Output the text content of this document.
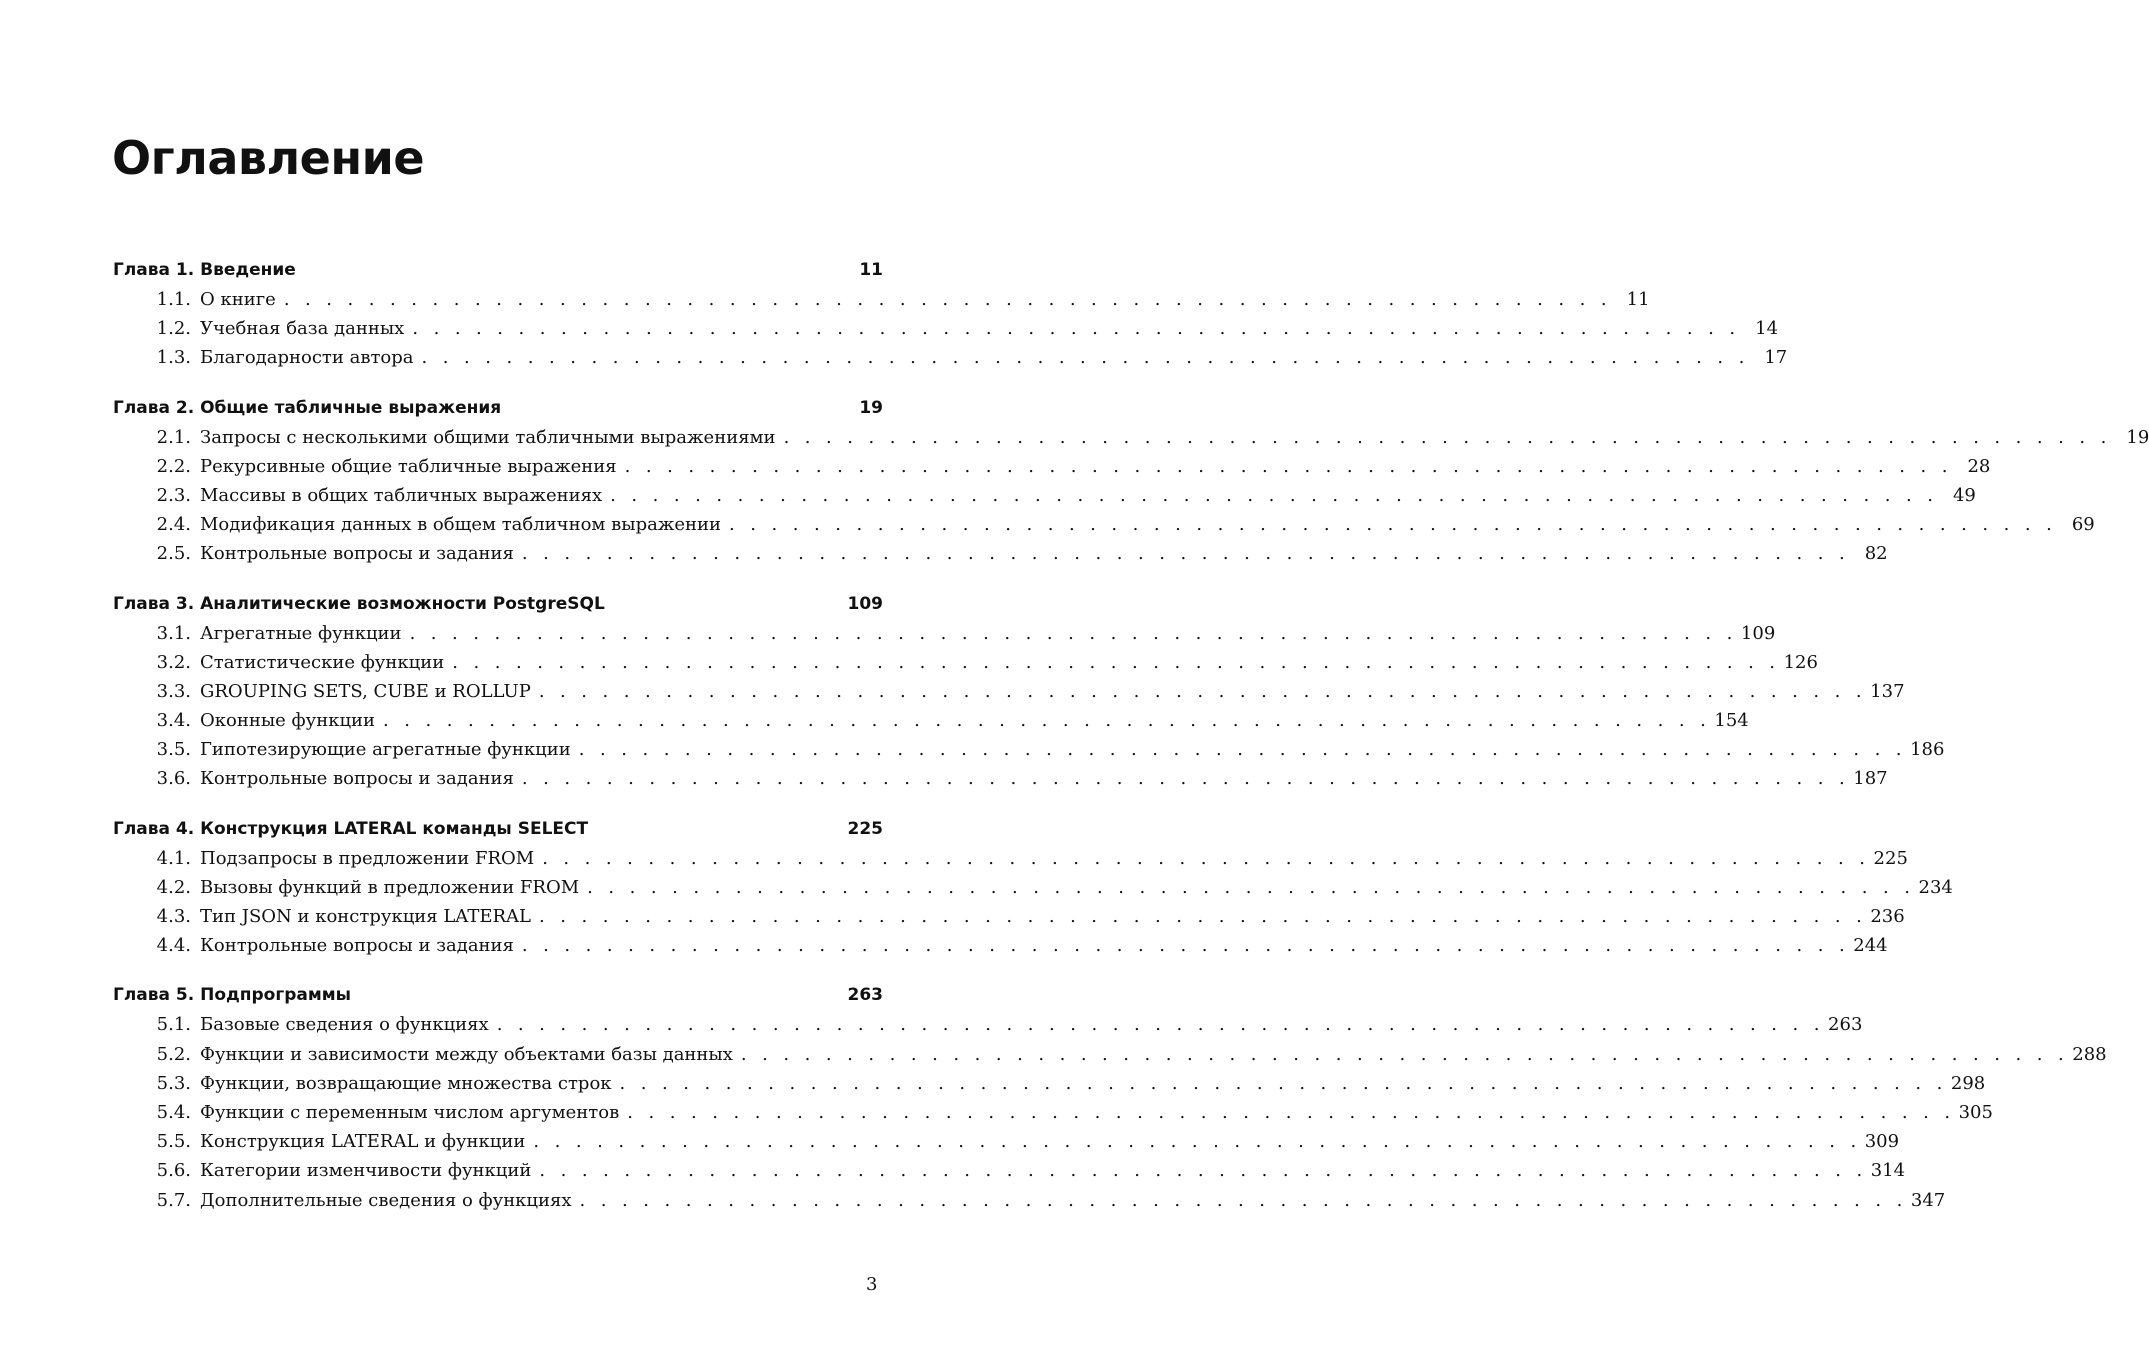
Оглавление
Глава 1. Введение	11
1.1. О книге . . . . . . . . . . . . . . . . . . . . . . . . . . . . . . . . . . . . . . . . . . . . . . . . . . . . . . . . . . . . . . . 11
1.2. Учебная база данных . . . . . . . . . . . . . . . . . . . . . . . . . . . . . . . . . . . . . . . . . . . . . . . . . . . . . . . . . . . . . . . 14
1.3. Благодарности автора . . . . . . . . . . . . . . . . . . . . . . . . . . . . . . . . . . . . . . . . . . . . . . . . . . . . . . . . . . . . . . . 17
Глава 2. Общие табличные выражения	19
2.1. Запросы с несколькими общими табличными выражениями . . . . . . . . . . . . . . . . . . . . . . . . . . . . . . . . . . . . . . . . . . . . . . . . . . . . . . . . . . . . . . . 19
2.2. Рекурсивные общие табличные выражения . . . . . . . . . . . . . . . . . . . . . . . . . . . . . . . . . . . . . . . . . . . . . . . . . . . . . . . . . . . . . . . 28
2.3. Массивы в общих табличных выражениях . . . . . . . . . . . . . . . . . . . . . . . . . . . . . . . . . . . . . . . . . . . . . . . . . . . . . . . . . . . . . . . 49
2.4. Модификация данных в общем табличном выражении . . . . . . . . . . . . . . . . . . . . . . . . . . . . . . . . . . . . . . . . . . . . . . . . . . . . . . . . . . . . . . . 69
2.5. Контрольные вопросы и задания . . . . . . . . . . . . . . . . . . . . . . . . . . . . . . . . . . . . . . . . . . . . . . . . . . . . . . . . . . . . . . . 82
Глава 3. Аналитические возможности PostgreSQL	109
3.1. Агрегатные функции . . . . . . . . . . . . . . . . . . . . . . . . . . . . . . . . . . . . . . . . . . . . . . . . . . . . . . . . . . . . . . . 109
3.2. Статистические функции . . . . . . . . . . . . . . . . . . . . . . . . . . . . . . . . . . . . . . . . . . . . . . . . . . . . . . . . . . . . . . . 126
3.3. GROUPING SETS, CUBE и ROLLUP . . . . . . . . . . . . . . . . . . . . . . . . . . . . . . . . . . . . . . . . . . . . . . . . . . . . . . . . . . . . . . . 137
3.4. Оконные функции . . . . . . . . . . . . . . . . . . . . . . . . . . . . . . . . . . . . . . . . . . . . . . . . . . . . . . . . . . . . . . . 154
3.5. Гипотезирующие агрегатные функции . . . . . . . . . . . . . . . . . . . . . . . . . . . . . . . . . . . . . . . . . . . . . . . . . . . . . . . . . . . . . . . 186
3.6. Контрольные вопросы и задания . . . . . . . . . . . . . . . . . . . . . . . . . . . . . . . . . . . . . . . . . . . . . . . . . . . . . . . . . . . . . . . 187
Глава 4. Конструкция LATERAL команды SELECT	225
4.1. Подзапросы в предложении FROM . . . . . . . . . . . . . . . . . . . . . . . . . . . . . . . . . . . . . . . . . . . . . . . . . . . . . . . . . . . . . . . 225
4.2. Вызовы функций в предложении FROM . . . . . . . . . . . . . . . . . . . . . . . . . . . . . . . . . . . . . . . . . . . . . . . . . . . . . . . . . . . . . . . 234
4.3. Тип JSON и конструкция LATERAL . . . . . . . . . . . . . . . . . . . . . . . . . . . . . . . . . . . . . . . . . . . . . . . . . . . . . . . . . . . . . . . 236
4.4. Контрольные вопросы и задания . . . . . . . . . . . . . . . . . . . . . . . . . . . . . . . . . . . . . . . . . . . . . . . . . . . . . . . . . . . . . . . 244
Глава 5. Подпрограммы	263
5.1. Базовые сведения о функциях . . . . . . . . . . . . . . . . . . . . . . . . . . . . . . . . . . . . . . . . . . . . . . . . . . . . . . . . . . . . . . . 263
5.2. Функции и зависимости между объектами базы данных . . . . . . . . . . . . . . . . . . . . . . . . . . . . . . . . . . . . . . . . . . . . . . . . . . . . . . . . . . . . . . . 288
5.3. Функции, возвращающие множества строк . . . . . . . . . . . . . . . . . . . . . . . . . . . . . . . . . . . . . . . . . . . . . . . . . . . . . . . . . . . . . . . 298
5.4. Функции с переменным числом аргументов . . . . . . . . . . . . . . . . . . . . . . . . . . . . . . . . . . . . . . . . . . . . . . . . . . . . . . . . . . . . . . . 305
5.5. Конструкция LATERAL и функции . . . . . . . . . . . . . . . . . . . . . . . . . . . . . . . . . . . . . . . . . . . . . . . . . . . . . . . . . . . . . . . 309
5.6. Категории изменчивости функций . . . . . . . . . . . . . . . . . . . . . . . . . . . . . . . . . . . . . . . . . . . . . . . . . . . . . . . . . . . . . . . 314
5.7. Дополнительные сведения о функциях . . . . . . . . . . . . . . . . . . . . . . . . . . . . . . . . . . . . . . . . . . . . . . . . . . . . . . . . . . . . . . . 347
3
